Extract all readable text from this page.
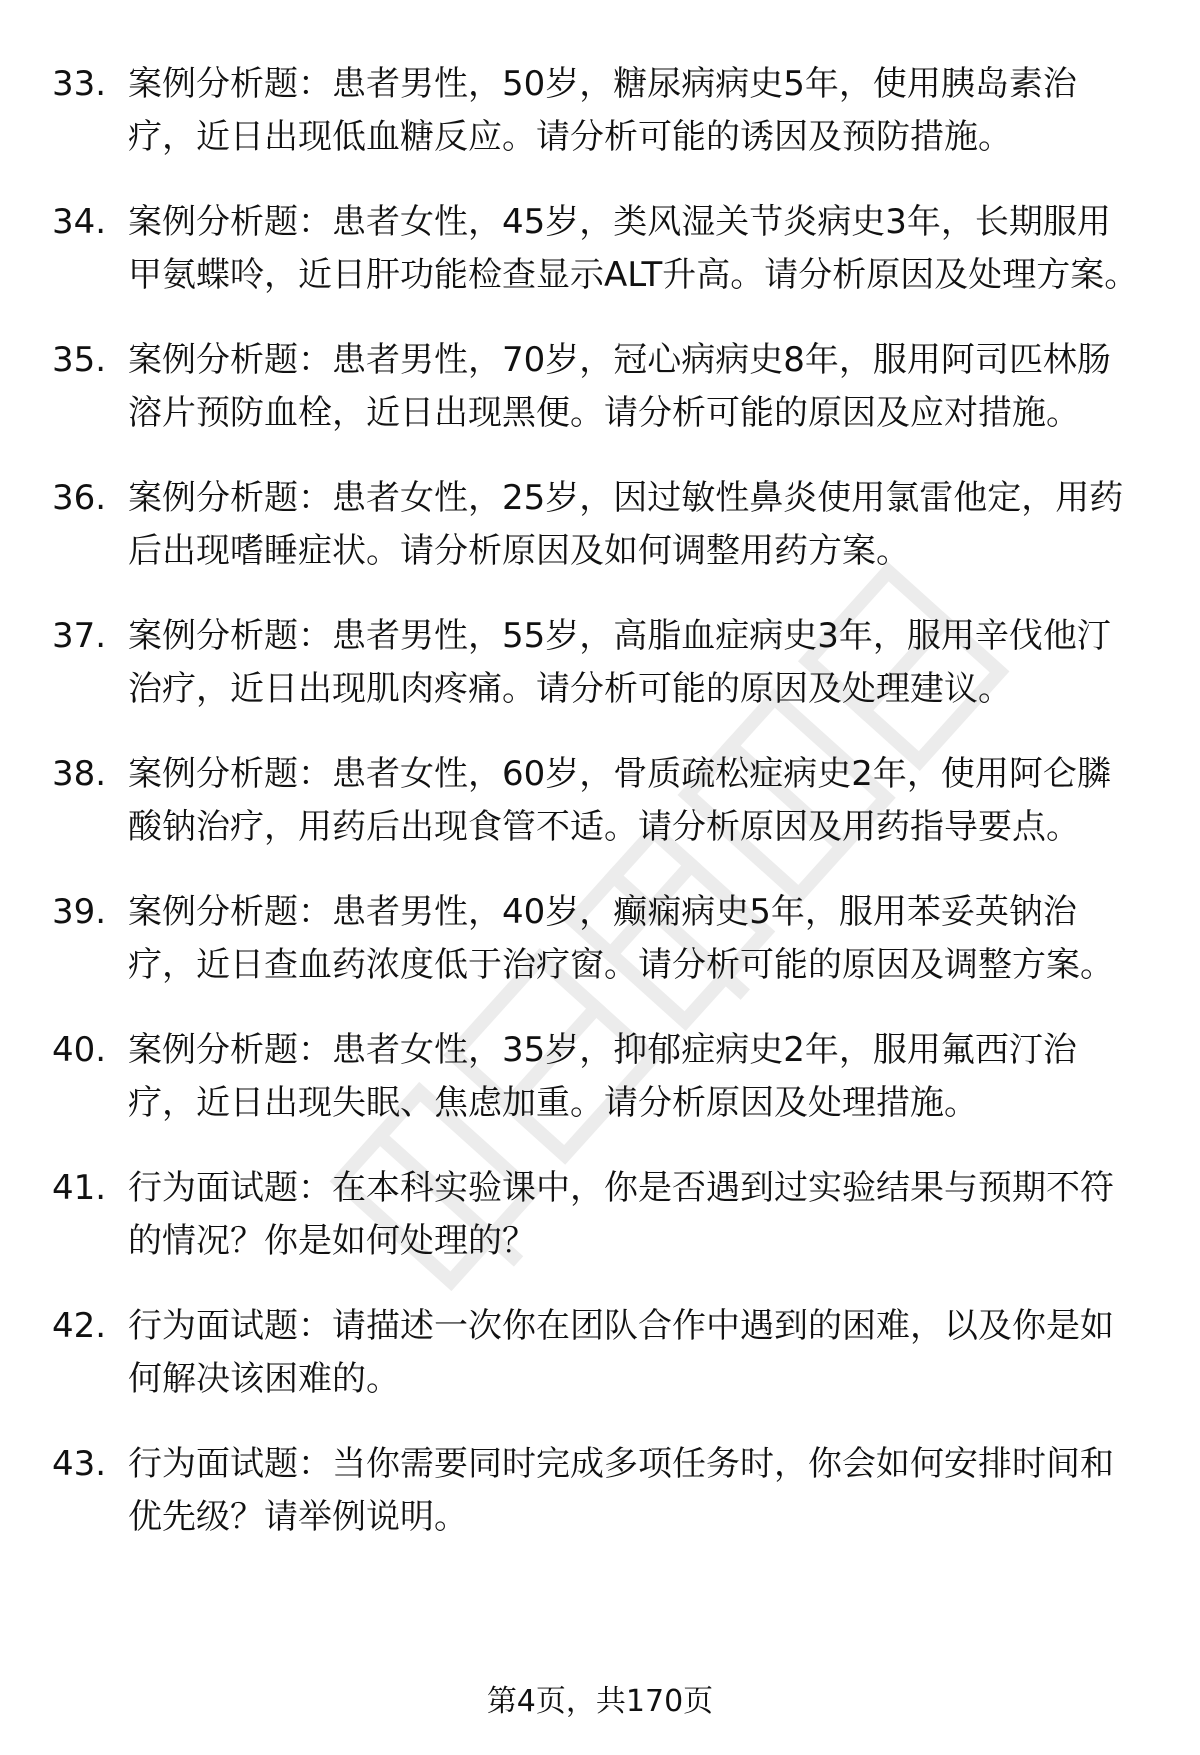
33. 案例分析题：患者男性，50岁，糖尿病病史5年，使用胰岛素治疗，近日出现低血糖反应。请分析可能的诱因及预防措施。
34. 案例分析题：患者女性，45岁，类风湿关节炎病史3年，长期服用甲氨蝶呤，近日肝功能检查显示ALT升高。请分析原因及处理方案。
35. 案例分析题：患者男性，70岁，冠心病病史8年，服用阿司匹林肠溶片预防血栓，近日出现黑便。请分析可能的原因及应对措施。
36. 案例分析题：患者女性，25岁，因过敏性鼻炎使用氯雷他定，用药后出现嗜睡症状。请分析原因及如何调整用药方案。
37. 案例分析题：患者男性，55岁，高脂血症病史3年，服用辛伐他汀治疗，近日出现肌肉疼痛。请分析可能的原因及处理建议。
38. 案例分析题：患者女性，60岁，骨质疏松症病史2年，使用阿仑膦酸钠治疗，用药后出现食管不适。请分析原因及用药指导要点。
39. 案例分析题：患者男性，40岁，癫痫病史5年，服用苯妥英钠治疗，近日查血药浓度低于治疗窗。请分析可能的原因及调整方案。
40. 案例分析题：患者女性，35岁，抑郁症病史2年，服用氟西汀治疗，近日出现失眠、焦虑加重。请分析原因及处理措施。
41. 行为面试题：在本科实验课中，你是否遇到过实验结果与预期不符的情况？你是如何处理的？
42. 行为面试题：请描述一次你在团队合作中遇到的困难，以及你是如何解决该困难的。
43. 行为面试题：当你需要同时完成多项任务时，你会如何安排时间和优先级？请举例说明。
第4页，共170页
